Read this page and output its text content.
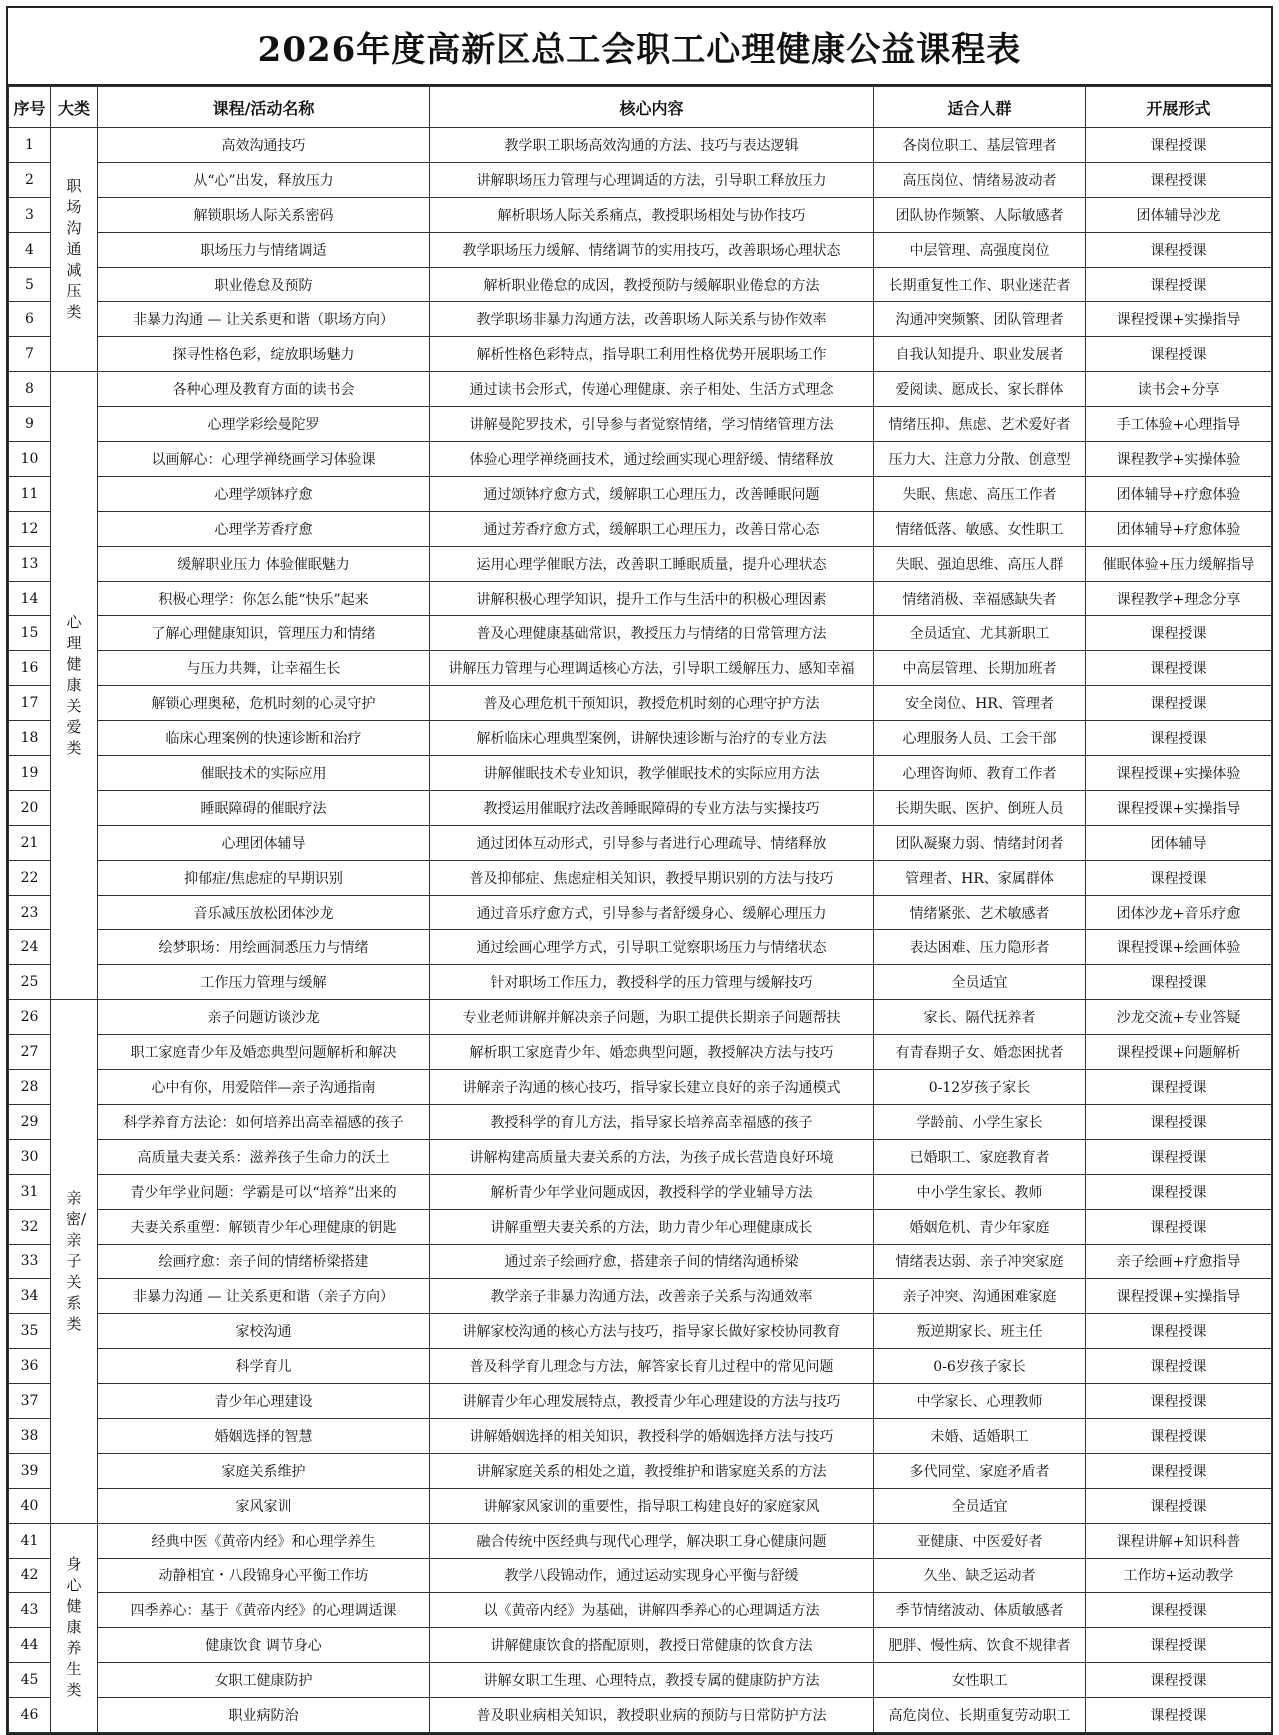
2026年度高新区总工会职工心理健康公益课程表
序号	大类	课程/活动名称	核心内容	适合人群	开展形式
1	职场沟通减压类	高效沟通技巧	教学职工职场高效沟通的方法、技巧与表达逻辑	各岗位职工、基层管理者	课程授课
2		从“心”出发，释放压力	讲解职场压力管理与心理调适的方法，引导职工释放压力	高压岗位、情绪易波动者	课程授课
3		解锁职场人际关系密码	解析职场人际关系痛点，教授职场相处与协作技巧	团队协作频繁、人际敏感者	团体辅导沙龙
4		职场压力与情绪调适	教学职场压力缓解、情绪调节的实用技巧，改善职场心理状态	中层管理、高强度岗位	课程授课
5		职业倦怠及预防	解析职业倦怠的成因，教授预防与缓解职业倦怠的方法	长期重复性工作、职业迷茫者	课程授课
6		非暴力沟通 — 让关系更和谐（职场方向）	教学职场非暴力沟通方法，改善职场人际关系与协作效率	沟通冲突频繁、团队管理者	课程授课+实操指导
7		探寻性格色彩，绽放职场魅力	解析性格色彩特点，指导职工利用性格优势开展职场工作	自我认知提升、职业发展者	课程授课
8	心理健康关爱类	各种心理及教育方面的读书会	通过读书会形式，传递心理健康、亲子相处、生活方式理念	爱阅读、愿成长、家长群体	读书会+分享
9		心理学彩绘曼陀罗	讲解曼陀罗技术，引导参与者觉察情绪，学习情绪管理方法	情绪压抑、焦虑、艺术爱好者	手工体验+心理指导
10		以画解心：心理学禅绕画学习体验课	体验心理学禅绕画技术，通过绘画实现心理舒缓、情绪释放	压力大、注意力分散、创意型	课程教学+实操体验
11		心理学颂钵疗愈	通过颂钵疗愈方式，缓解职工心理压力，改善睡眠问题	失眠、焦虑、高压工作者	团体辅导+疗愈体验
12		心理学芳香疗愈	通过芳香疗愈方式，缓解职工心理压力，改善日常心态	情绪低落、敏感、女性职工	团体辅导+疗愈体验
13		缓解职业压力 体验催眠魅力	运用心理学催眠方法，改善职工睡眠质量，提升心理状态	失眠、强迫思维、高压人群	催眠体验+压力缓解指导
14		积极心理学：你怎么能“快乐”起来	讲解积极心理学知识，提升工作与生活中的积极心理因素	情绪消极、幸福感缺失者	课程教学+理念分享
15		了解心理健康知识，管理压力和情绪	普及心理健康基础常识，教授压力与情绪的日常管理方法	全员适宜、尤其新职工	课程授课
16		与压力共舞，让幸福生长	讲解压力管理与心理调适核心方法，引导职工缓解压力、感知幸福	中高层管理、长期加班者	课程授课
17		解锁心理奥秘，危机时刻的心灵守护	普及心理危机干预知识，教授危机时刻的心理守护方法	安全岗位、HR、管理者	课程授课
18		临床心理案例的快速诊断和治疗	解析临床心理典型案例，讲解快速诊断与治疗的专业方法	心理服务人员、工会干部	课程授课
19		催眠技术的实际应用	讲解催眠技术专业知识，教学催眠技术的实际应用方法	心理咨询师、教育工作者	课程授课+实操体验
20		睡眠障碍的催眠疗法	教授运用催眠疗法改善睡眠障碍的专业方法与实操技巧	长期失眠、医护、倒班人员	课程授课+实操指导
21		心理团体辅导	通过团体互动形式，引导参与者进行心理疏导、情绪释放	团队凝聚力弱、情绪封闭者	团体辅导
22		抑郁症/焦虑症的早期识别	普及抑郁症、焦虑症相关知识，教授早期识别的方法与技巧	管理者、HR、家属群体	课程授课
23		音乐减压放松团体沙龙	通过音乐疗愈方式，引导参与者舒缓身心、缓解心理压力	情绪紧张、艺术敏感者	团体沙龙+音乐疗愈
24		绘梦职场：用绘画洞悉压力与情绪	通过绘画心理学方式，引导职工觉察职场压力与情绪状态	表达困难、压力隐形者	课程授课+绘画体验
25		工作压力管理与缓解	针对职场工作压力，教授科学的压力管理与缓解技巧	全员适宜	课程授课
26	亲密/亲子关系类	亲子问题访谈沙龙	专业老师讲解并解决亲子问题，为职工提供长期亲子问题帮扶	家长、隔代抚养者	沙龙交流+专业答疑
27		职工家庭青少年及婚恋典型问题解析和解决	解析职工家庭青少年、婚恋典型问题，教授解决方法与技巧	有青春期子女、婚恋困扰者	课程授课+问题解析
28		心中有你，用爱陪伴—亲子沟通指南	讲解亲子沟通的核心技巧，指导家长建立良好的亲子沟通模式	0-12岁孩子家长	课程授课
29		科学养育方法论：如何培养出高幸福感的孩子	教授科学的育儿方法，指导家长培养高幸福感的孩子	学龄前、小学生家长	课程授课
30		高质量夫妻关系：滋养孩子生命力的沃土	讲解构建高质量夫妻关系的方法，为孩子成长营造良好环境	已婚职工、家庭教育者	课程授课
31		青少年学业问题：学霸是可以“培养”出来的	解析青少年学业问题成因，教授科学的学业辅导方法	中小学生家长、教师	课程授课
32		夫妻关系重塑：解锁青少年心理健康的钥匙	讲解重塑夫妻关系的方法，助力青少年心理健康成长	婚姻危机、青少年家庭	课程授课
33		绘画疗愈：亲子间的情绪桥梁搭建	通过亲子绘画疗愈，搭建亲子间的情绪沟通桥梁	情绪表达弱、亲子冲突家庭	亲子绘画+疗愈指导
34		非暴力沟通 — 让关系更和谐（亲子方向）	教学亲子非暴力沟通方法，改善亲子关系与沟通效率	亲子冲突、沟通困难家庭	课程授课+实操指导
35		家校沟通	讲解家校沟通的核心方法与技巧，指导家长做好家校协同教育	叛逆期家长、班主任	课程授课
36		科学育儿	普及科学育儿理念与方法，解答家长育儿过程中的常见问题	0-6岁孩子家长	课程授课
37		青少年心理建设	讲解青少年心理发展特点，教授青少年心理建设的方法与技巧	中学家长、心理教师	课程授课
38		婚姻选择的智慧	讲解婚姻选择的相关知识，教授科学的婚姻选择方法与技巧	未婚、适婚职工	课程授课
39		家庭关系维护	讲解家庭关系的相处之道，教授维护和谐家庭关系的方法	多代同堂、家庭矛盾者	课程授课
40		家风家训	讲解家风家训的重要性，指导职工构建良好的家庭家风	全员适宜	课程授课
41	身心健康养生类	经典中医《黄帝内经》和心理学养生	融合传统中医经典与现代心理学，解决职工身心健康问题	亚健康、中医爱好者	课程讲解+知识科普
42		动静相宜・八段锦身心平衡工作坊	教学八段锦动作，通过运动实现身心平衡与舒缓	久坐、缺乏运动者	工作坊+运动教学
43		四季养心：基于《黄帝内经》的心理调适课	以《黄帝内经》为基础，讲解四季养心的心理调适方法	季节情绪波动、体质敏感者	课程授课
44		健康饮食 调节身心	讲解健康饮食的搭配原则，教授日常健康的饮食方法	肥胖、慢性病、饮食不规律者	课程授课
45		女职工健康防护	讲解女职工生理、心理特点，教授专属的健康防护方法	女性职工	课程授课
46		职业病防治	普及职业病相关知识，教授职业病的预防与日常防护方法	高危岗位、长期重复劳动职工	课程授课
